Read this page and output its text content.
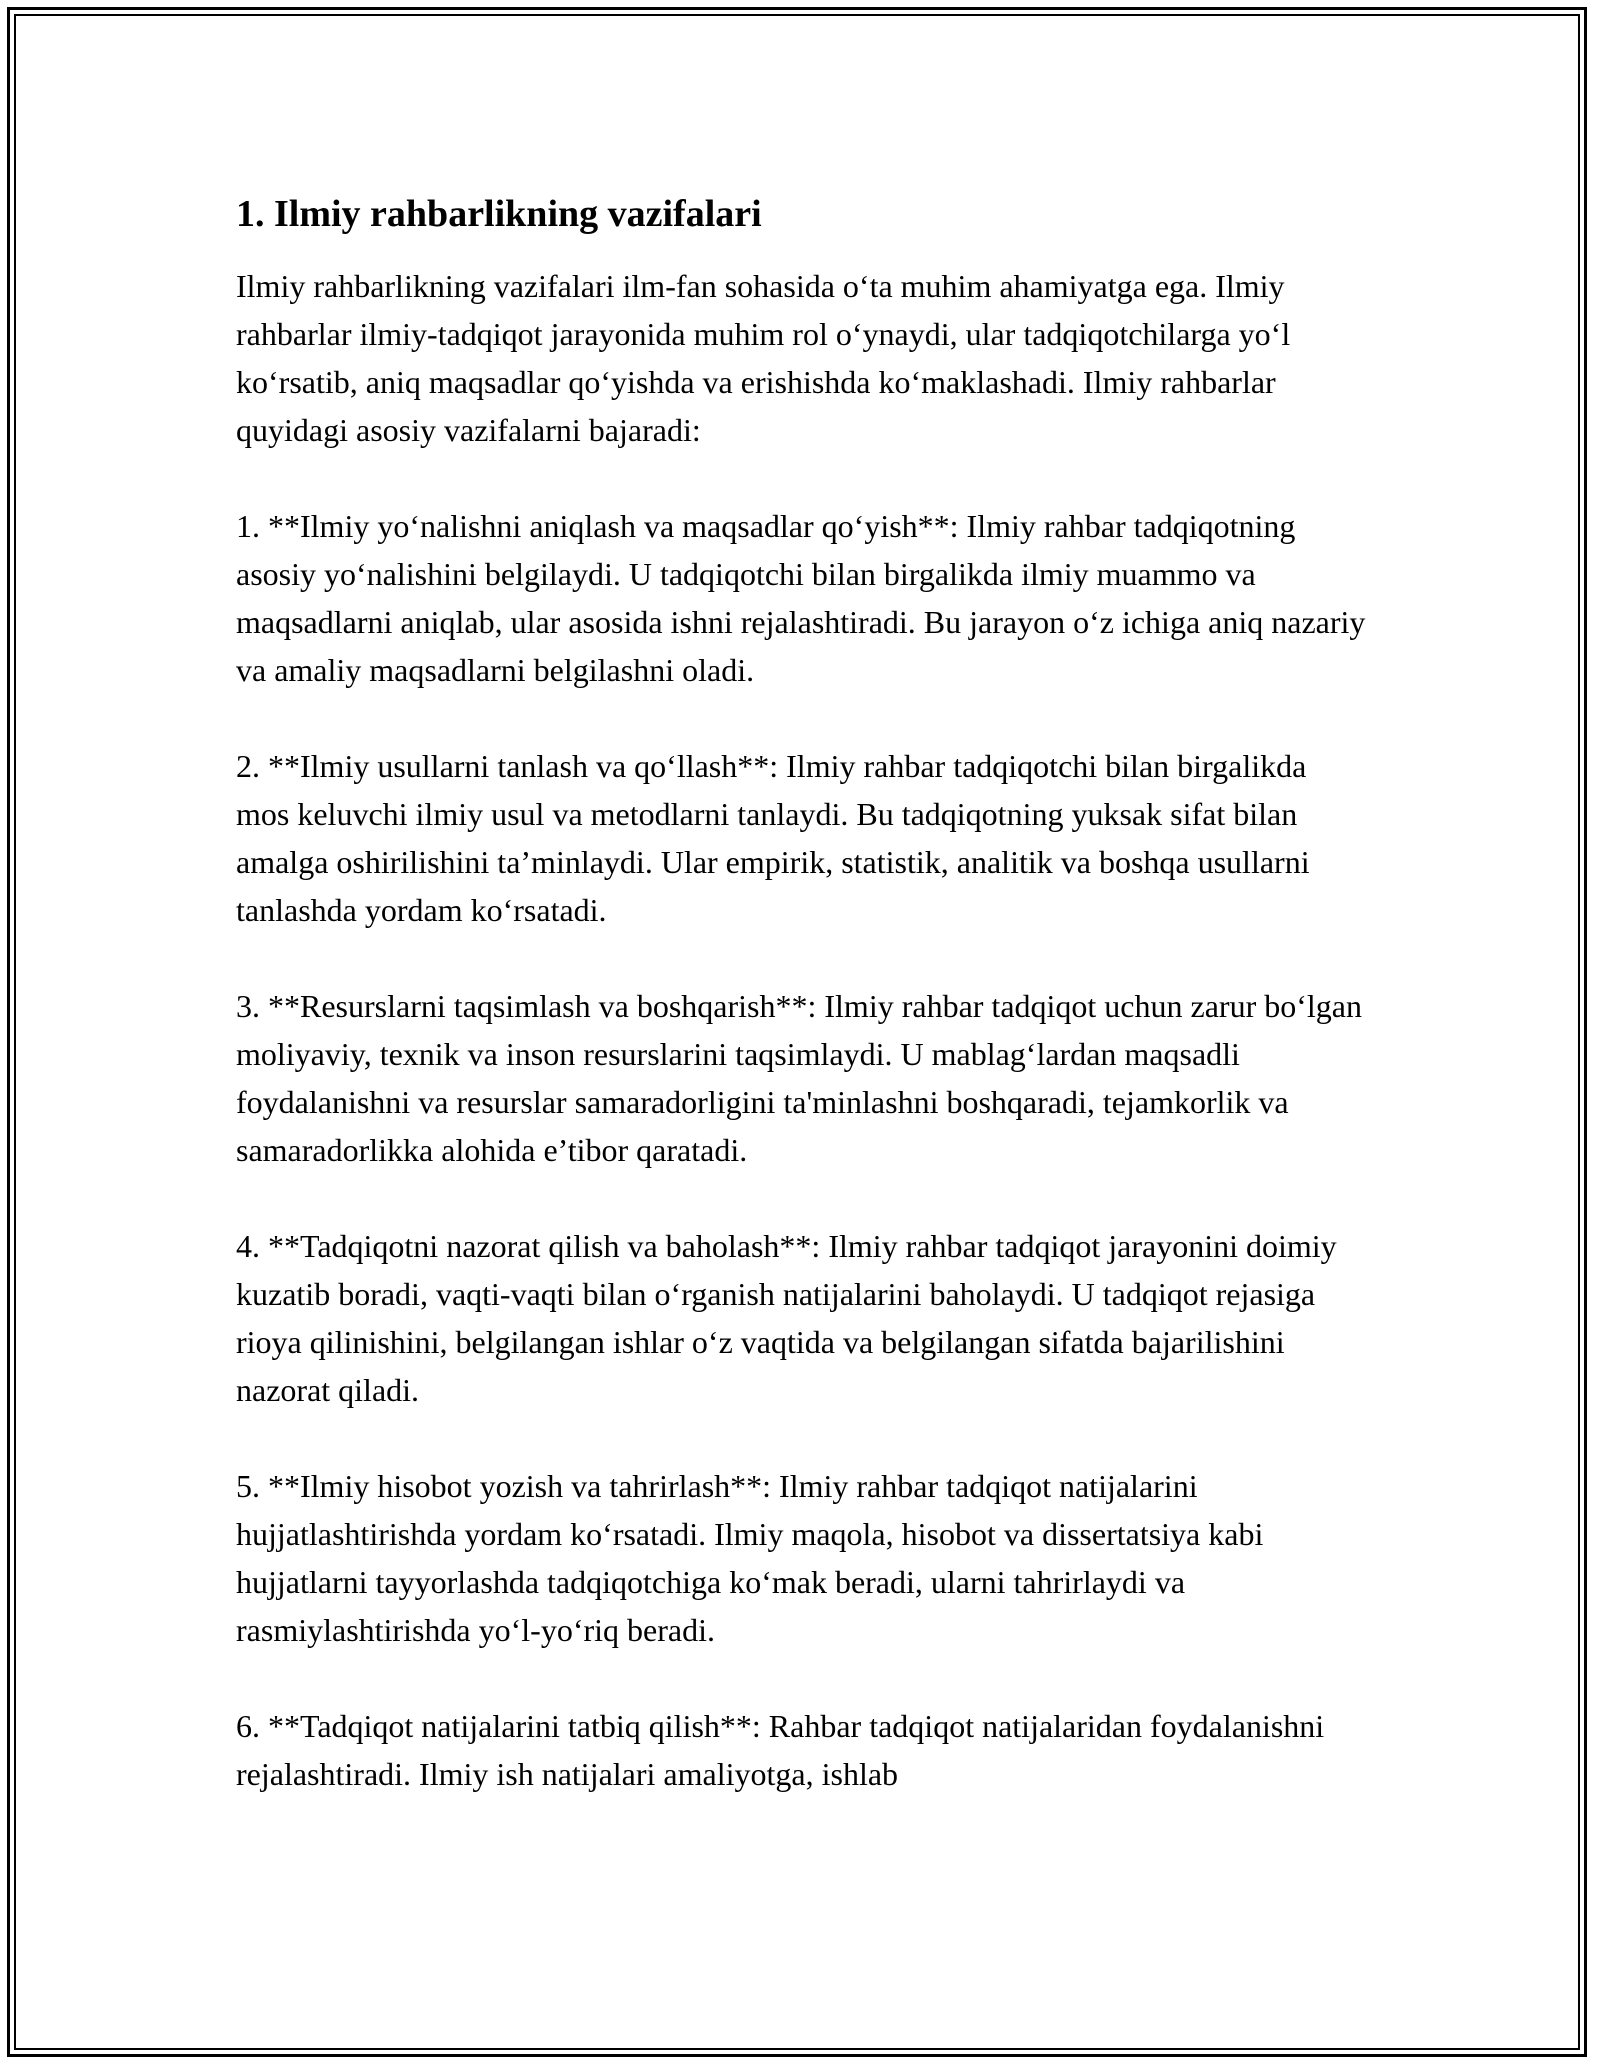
1. Ilmiy rahbarlikning vazifalari

Ilmiy rahbarlikning vazifalari ilm-fan sohasida o‘ta muhim ahamiyatga ega. Ilmiy rahbarlar ilmiy-tadqiqot jarayonida muhim rol o‘ynaydi, ular tadqiqotchilarga yo‘l ko‘rsatib, aniq maqsadlar qo‘yishda va erishishda ko‘maklashadi. Ilmiy rahbarlar quyidagi asosiy vazifalarni bajaradi:

1. **Ilmiy yo‘nalishni aniqlash va maqsadlar qo‘yish**: Ilmiy rahbar tadqiqotning asosiy yo‘nalishini belgilaydi. U tadqiqotchi bilan birgalikda ilmiy muammo va maqsadlarni aniqlab, ular asosida ishni rejalashtiradi. Bu jarayon o‘z ichiga aniq nazariy va amaliy maqsadlarni belgilashni oladi.

2. **Ilmiy usullarni tanlash va qo‘llash**: Ilmiy rahbar tadqiqotchi bilan birgalikda mos keluvchi ilmiy usul va metodlarni tanlaydi. Bu tadqiqotning yuksak sifat bilan amalga oshirilishini ta’minlaydi. Ular empirik, statistik, analitik va boshqa usullarni tanlashda yordam ko‘rsatadi.

3. **Resurslarni taqsimlash va boshqarish**: Ilmiy rahbar tadqiqot uchun zarur bo‘lgan moliyaviy, texnik va inson resurslarini taqsimlaydi. U mablag‘lardan maqsadli foydalanishni va resurslar samaradorligini ta'minlashni boshqaradi, tejamkorlik va samaradorlikka alohida e’tibor qaratadi.

4. **Tadqiqotni nazorat qilish va baholash**: Ilmiy rahbar tadqiqot jarayonini doimiy kuzatib boradi, vaqti-vaqti bilan o‘rganish natijalarini baholaydi. U tadqiqot rejasiga rioya qilinishini, belgilangan ishlar o‘z vaqtida va belgilangan sifatda bajarilishini nazorat qiladi.

5. **Ilmiy hisobot yozish va tahrirlash**: Ilmiy rahbar tadqiqot natijalarini hujjatlashtirishda yordam ko‘rsatadi. Ilmiy maqola, hisobot va dissertatsiya kabi hujjatlarni tayyorlashda tadqiqotchiga ko‘mak beradi, ularni tahrirlaydi va rasmiylashtirishda yo‘l-yo‘riq beradi.

6. **Tadqiqot natijalarini tatbiq qilish**: Rahbar tadqiqot natijalaridan foydalanishni rejalashtiradi. Ilmiy ish natijalari amaliyotga, ishlab
